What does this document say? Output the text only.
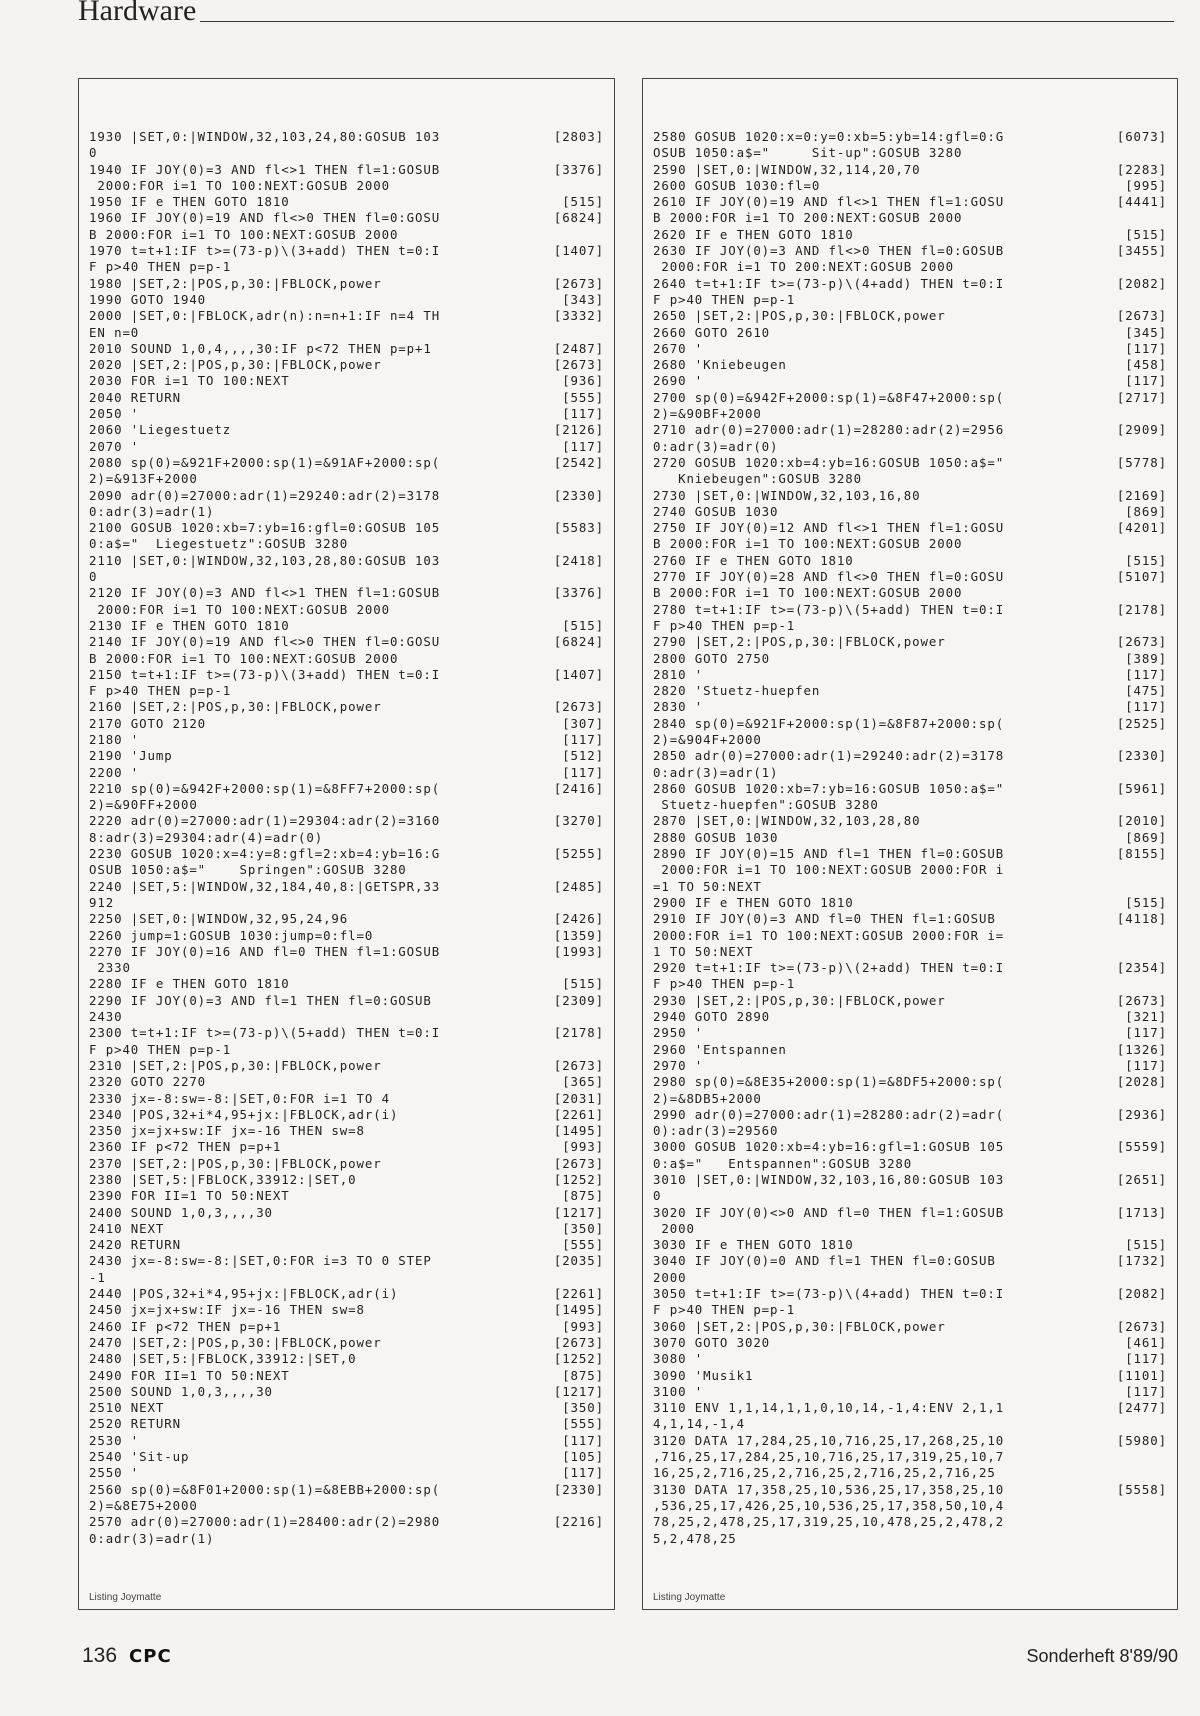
Hardware
1930 |SET,0:|WINDOW,32,103,24,80:GOSUB 103	[2803]
0
1940 IF JOY(0)=3 AND fl<>1 THEN fl=1:GOSUB	[3376]
2000:FOR i=1 TO 100:NEXT:GOSUB 2000
1950 IF e THEN GOTO 1810	[515]
1960 IF JOY(0)=19 AND fl<>0 THEN fl=0:GOSU	[6824]
B 2000:FOR i=1 TO 100:NEXT:GOSUB 2000
1970 t=t+1:IF t>=(73-p)\(3+add) THEN t=0:I	[1407]
F p>40 THEN p=p-1
1980 |SET,2:|POS,p,30:|FBLOCK,power	[2673]
1990 GOTO 1940	[343]
2000 |SET,0:|FBLOCK,adr(n):n=n+1:IF n=4 TH	[3332]
EN n=0
2010 SOUND 1,0,4,,,,30:IF p<72 THEN p=p+1	[2487]
2020 |SET,2:|POS,p,30:|FBLOCK,power	[2673]
2030 FOR i=1 TO 100:NEXT	[936]
2040 RETURN	[555]
2050 '	[117]
2060 'Liegestuetz	[2126]
2070 '	[117]
2080 sp(0)=&921F+2000:sp(1)=&91AF+2000:sp(	[2542]
2)=&913F+2000
2090 adr(0)=27000:adr(1)=29240:adr(2)=3178	[2330]
0:adr(3)=adr(1)
2100 GOSUB 1020:xb=7:yb=16:gfl=0:GOSUB 105	[5583]
0:a$="  Liegestuetz":GOSUB 3280
2110 |SET,0:|WINDOW,32,103,28,80:GOSUB 103	[2418]
0
2120 IF JOY(0)=3 AND fl<>1 THEN fl=1:GOSUB	[3376]
2000:FOR i=1 TO 100:NEXT:GOSUB 2000
2130 IF e THEN GOTO 1810	[515]
2140 IF JOY(0)=19 AND fl<>0 THEN fl=0:GOSU	[6824]
B 2000:FOR i=1 TO 100:NEXT:GOSUB 2000
2150 t=t+1:IF t>=(73-p)\(3+add) THEN t=0:I	[1407]
F p>40 THEN p=p-1
2160 |SET,2:|POS,p,30:|FBLOCK,power	[2673]
2170 GOTO 2120	[307]
2180 '	[117]
2190 'Jump	[512]
2200 '	[117]
2210 sp(0)=&942F+2000:sp(1)=&8FF7+2000:sp(	[2416]
2)=&90FF+2000
2220 adr(0)=27000:adr(1)=29304:adr(2)=3160	[3270]
8:adr(3)=29304:adr(4)=adr(0)
2230 GOSUB 1020:x=4:y=8:gfl=2:xb=4:yb=16:G	[5255]
OSUB 1050:a$="    Springen":GOSUB 3280
2240 |SET,5:|WINDOW,32,184,40,8:|GETSPR,33	[2485]
912
2250 |SET,0:|WINDOW,32,95,24,96	[2426]
2260 jump=1:GOSUB 1030:jump=0:fl=0	[1359]
2270 IF JOY(0)=16 AND fl=0 THEN fl=1:GOSUB	[1993]
2330
2280 IF e THEN GOTO 1810	[515]
2290 IF JOY(0)=3 AND fl=1 THEN fl=0:GOSUB	[2309]
2430
2300 t=t+1:IF t>=(73-p)\(5+add) THEN t=0:I	[2178]
F p>40 THEN p=p-1
2310 |SET,2:|POS,p,30:|FBLOCK,power	[2673]
2320 GOTO 2270	[365]
2330 jx=-8:sw=-8:|SET,0:FOR i=1 TO 4	[2031]
2340 |POS,32+i*4,95+jx:|FBLOCK,adr(i)	[2261]
2350 jx=jx+sw:IF jx=-16 THEN sw=8	[1495]
2360 IF p<72 THEN p=p+1	[993]
2370 |SET,2:|POS,p,30:|FBLOCK,power	[2673]
2380 |SET,5:|FBLOCK,33912:|SET,0	[1252]
2390 FOR II=1 TO 50:NEXT	[875]
2400 SOUND 1,0,3,,,,30	[1217]
2410 NEXT	[350]
2420 RETURN	[555]
2430 jx=-8:sw=-8:|SET,0:FOR i=3 TO 0 STEP	[2035]
-1
2440 |POS,32+i*4,95+jx:|FBLOCK,adr(i)	[2261]
2450 jx=jx+sw:IF jx=-16 THEN sw=8	[1495]
2460 IF p<72 THEN p=p+1	[993]
2470 |SET,2:|POS,p,30:|FBLOCK,power	[2673]
2480 |SET,5:|FBLOCK,33912:|SET,0	[1252]
2490 FOR II=1 TO 50:NEXT	[875]
2500 SOUND 1,0,3,,,,30	[1217]
2510 NEXT	[350]
2520 RETURN	[555]
2530 '	[117]
2540 'Sit-up	[105]
2550 '	[117]
2560 sp(0)=&8F01+2000:sp(1)=&8EBB+2000:sp(	[2330]
2)=&8E75+2000
2570 adr(0)=27000:adr(1)=28400:adr(2)=2980	[2216]
0:adr(3)=adr(1)
Listing Joymatte
2580 GOSUB 1020:x=0:y=0:xb=5:yb=14:gfl=0:G	[6073]
OSUB 1050:a$="     Sit-up":GOSUB 3280
2590 |SET,0:|WINDOW,32,114,20,70	[2283]
2600 GOSUB 1030:fl=0	[995]
2610 IF JOY(0)=19 AND fl<>1 THEN fl=1:GOSU	[4441]
B 2000:FOR i=1 TO 200:NEXT:GOSUB 2000
2620 IF e THEN GOTO 1810	[515]
2630 IF JOY(0)=3 AND fl<>0 THEN fl=0:GOSUB	[3455]
2000:FOR i=1 TO 200:NEXT:GOSUB 2000
2640 t=t+1:IF t>=(73-p)\(4+add) THEN t=0:I	[2082]
F p>40 THEN p=p-1
2650 |SET,2:|POS,p,30:|FBLOCK,power	[2673]
2660 GOTO 2610	[345]
2670 '	[117]
2680 'Kniebeugen	[458]
2690 '	[117]
2700 sp(0)=&942F+2000:sp(1)=&8F47+2000:sp(	[2717]
2)=&90BF+2000
2710 adr(0)=27000:adr(1)=28280:adr(2)=2956	[2909]
0:adr(3)=adr(0)
2720 GOSUB 1020:xb=4:yb=16:GOSUB 1050:a$="	[5778]
Kniebeugen":GOSUB 3280
2730 |SET,0:|WINDOW,32,103,16,80	[2169]
2740 GOSUB 1030	[869]
2750 IF JOY(0)=12 AND fl<>1 THEN fl=1:GOSU	[4201]
B 2000:FOR i=1 TO 100:NEXT:GOSUB 2000
2760 IF e THEN GOTO 1810	[515]
2770 IF JOY(0)=28 AND fl<>0 THEN fl=0:GOSU	[5107]
B 2000:FOR i=1 TO 100:NEXT:GOSUB 2000
2780 t=t+1:IF t>=(73-p)\(5+add) THEN t=0:I	[2178]
F p>40 THEN p=p-1
2790 |SET,2:|POS,p,30:|FBLOCK,power	[2673]
2800 GOTO 2750	[389]
2810 '	[117]
2820 'Stuetz-huepfen	[475]
2830 '	[117]
2840 sp(0)=&921F+2000:sp(1)=&8F87+2000:sp(	[2525]
2)=&904F+2000
2850 adr(0)=27000:adr(1)=29240:adr(2)=3178	[2330]
0:adr(3)=adr(1)
2860 GOSUB 1020:xb=7:yb=16:GOSUB 1050:a$="	[5961]
Stuetz-huepfen":GOSUB 3280
2870 |SET,0:|WINDOW,32,103,28,80	[2010]
2880 GOSUB 1030	[869]
2890 IF JOY(0)=15 AND fl=1 THEN fl=0:GOSUB	[8155]
2000:FOR i=1 TO 100:NEXT:GOSUB 2000:FOR i
=1 TO 50:NEXT
2900 IF e THEN GOTO 1810	[515]
2910 IF JOY(0)=3 AND fl=0 THEN fl=1:GOSUB	[4118]
2000:FOR i=1 TO 100:NEXT:GOSUB 2000:FOR i=
1 TO 50:NEXT
2920 t=t+1:IF t>=(73-p)\(2+add) THEN t=0:I	[2354]
F p>40 THEN p=p-1
2930 |SET,2:|POS,p,30:|FBLOCK,power	[2673]
2940 GOTO 2890	[321]
2950 '	[117]
2960 'Entspannen	[1326]
2970 '	[117]
2980 sp(0)=&8E35+2000:sp(1)=&8DF5+2000:sp(	[2028]
2)=&8DB5+2000
2990 adr(0)=27000:adr(1)=28280:adr(2)=adr(	[2936]
0):adr(3)=29560
3000 GOSUB 1020:xb=4:yb=16:gfl=1:GOSUB 105	[5559]
0:a$="   Entspannen":GOSUB 3280
3010 |SET,0:|WINDOW,32,103,16,80:GOSUB 103	[2651]
0
3020 IF JOY(0)<>0 AND fl=0 THEN fl=1:GOSUB	[1713]
2000
3030 IF e THEN GOTO 1810	[515]
3040 IF JOY(0)=0 AND fl=1 THEN fl=0:GOSUB	[1732]
2000
3050 t=t+1:IF t>=(73-p)\(4+add) THEN t=0:I	[2082]
F p>40 THEN p=p-1
3060 |SET,2:|POS,p,30:|FBLOCK,power	[2673]
3070 GOTO 3020	[461]
3080 '	[117]
3090 'Musik1	[1101]
3100 '	[117]
3110 ENV 1,1,14,1,1,0,10,14,-1,4:ENV 2,1,1	[2477]
4,1,14,-1,4
3120 DATA 17,284,25,10,716,25,17,268,25,10	[5980]
,716,25,17,284,25,10,716,25,17,319,25,10,7
16,25,2,716,25,2,716,25,2,716,25,2,716,25
3130 DATA 17,358,25,10,536,25,17,358,25,10	[5558]
,536,25,17,426,25,10,536,25,17,358,50,10,4
78,25,2,478,25,17,319,25,10,478,25,2,478,2
5,2,478,25
Listing Joymatte
136 CPC	Sonderheft 8'89/90
